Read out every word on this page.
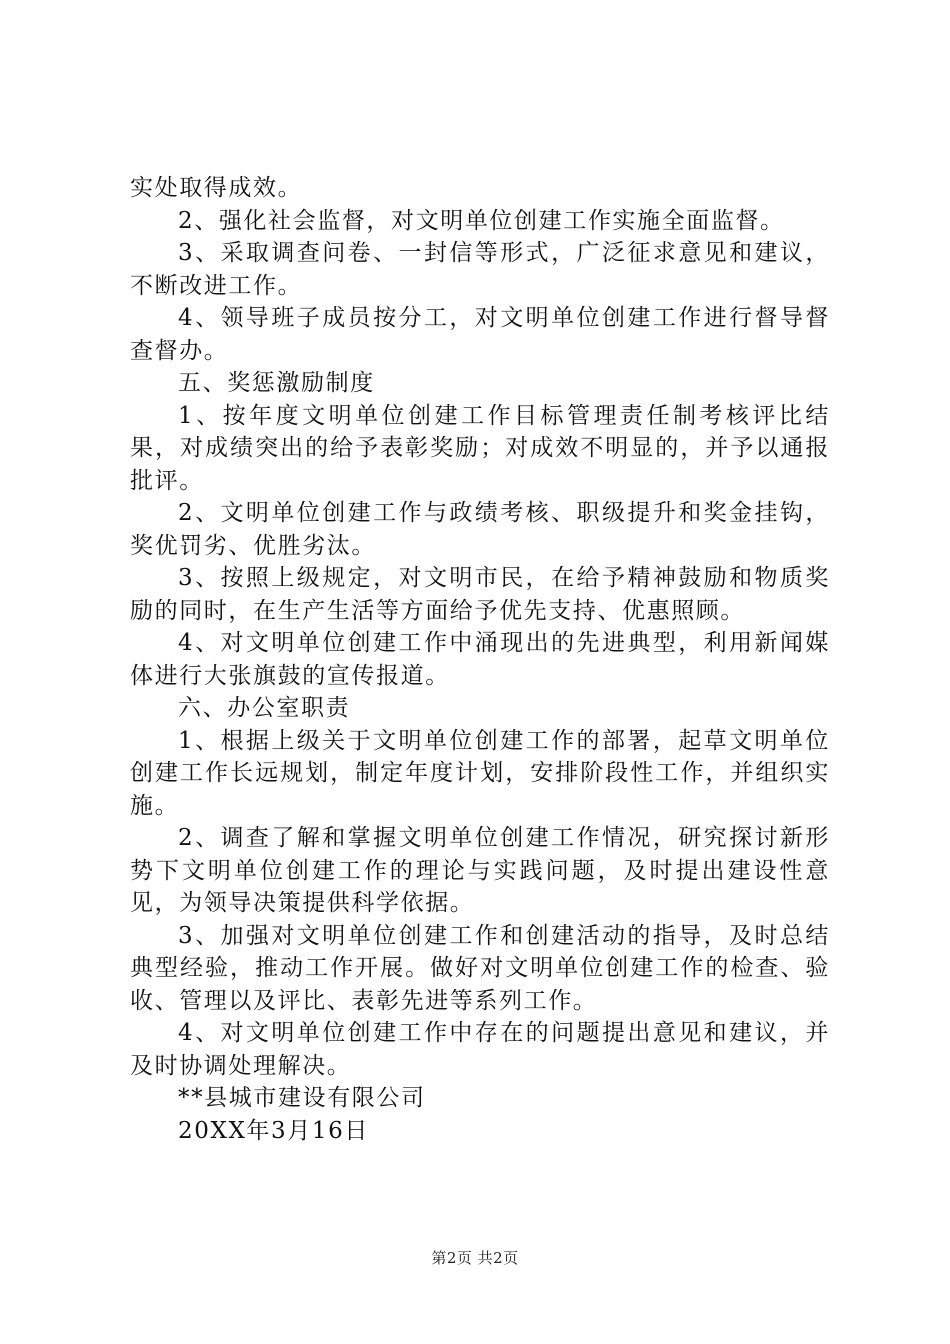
实处取得成效。

2、强化社会监督，对文明单位创建工作实施全面监督。

3、采取调查问卷、一封信等形式，广泛征求意见和建议，不断改进工作。

4、领导班子成员按分工，对文明单位创建工作进行督导督查督办。

五、奖惩激励制度

1、按年度文明单位创建工作目标管理责任制考核评比结果，对成绩突出的给予表彰奖励；对成效不明显的，并予以通报批评。

2、文明单位创建工作与政绩考核、职级提升和奖金挂钩，奖优罚劣、优胜劣汰。

3、按照上级规定，对文明市民，在给予精神鼓励和物质奖励的同时，在生产生活等方面给予优先支持、优惠照顾。

4、对文明单位创建工作中涌现出的先进典型，利用新闻媒体进行大张旗鼓的宣传报道。

六、办公室职责

1、根据上级关于文明单位创建工作的部署，起草文明单位创建工作长远规划，制定年度计划，安排阶段性工作，并组织实施。

2、调查了解和掌握文明单位创建工作情况，研究探讨新形势下文明单位创建工作的理论与实践问题，及时提出建设性意见，为领导决策提供科学依据。

3、加强对文明单位创建工作和创建活动的指导，及时总结典型经验，推动工作开展。做好对文明单位创建工作的检查、验收、管理以及评比、表彰先进等系列工作。

4、对文明单位创建工作中存在的问题提出意见和建议，并及时协调处理解决。

**县城市建设有限公司

20XX年3月16日

第2页 共2页
